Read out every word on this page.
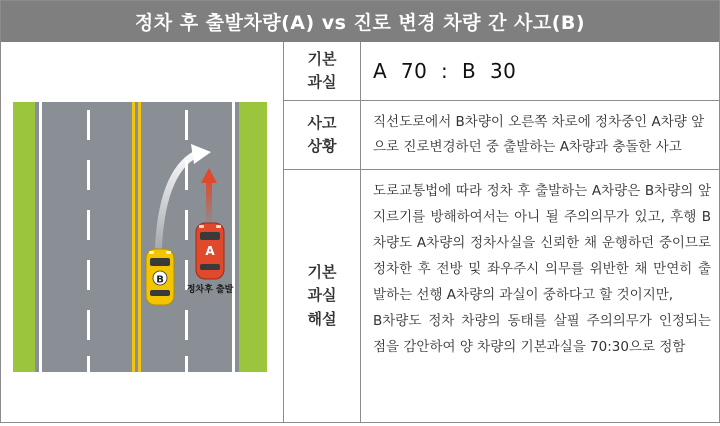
정차 후 출발차량(A) vs 진로 변경 차량 간 사고(B)
B
A
정차후 출발
기본
과실	A  70  :  B  30
사고
상황
직선도로에서 B차량이 오른쪽 차로에 정차중인 A차량 앞으로 진로변경하던 중 출발하는 A차량과 충돌한 사고
기본
과실
해설

도로교통법에 따라 정차 후 출발하는 A차량은 B차량의 앞지르기를 방해하여서는 아니 될 주의의무가 있고, 후행 B차량도 A차량의 정차사실을 신뢰한 채 운행하던 중이므로 정차한 후 전방 및 좌우주시 의무를 위반한 채 만연히 출발하는 선행 A차량의 과실이 중하다고 할 것이지만,

B차량도 정차 차량의 동태를 살필 주의의무가 인정되는 점을 감안하여 양 차량의 기본과실을 70:30으로 정함
